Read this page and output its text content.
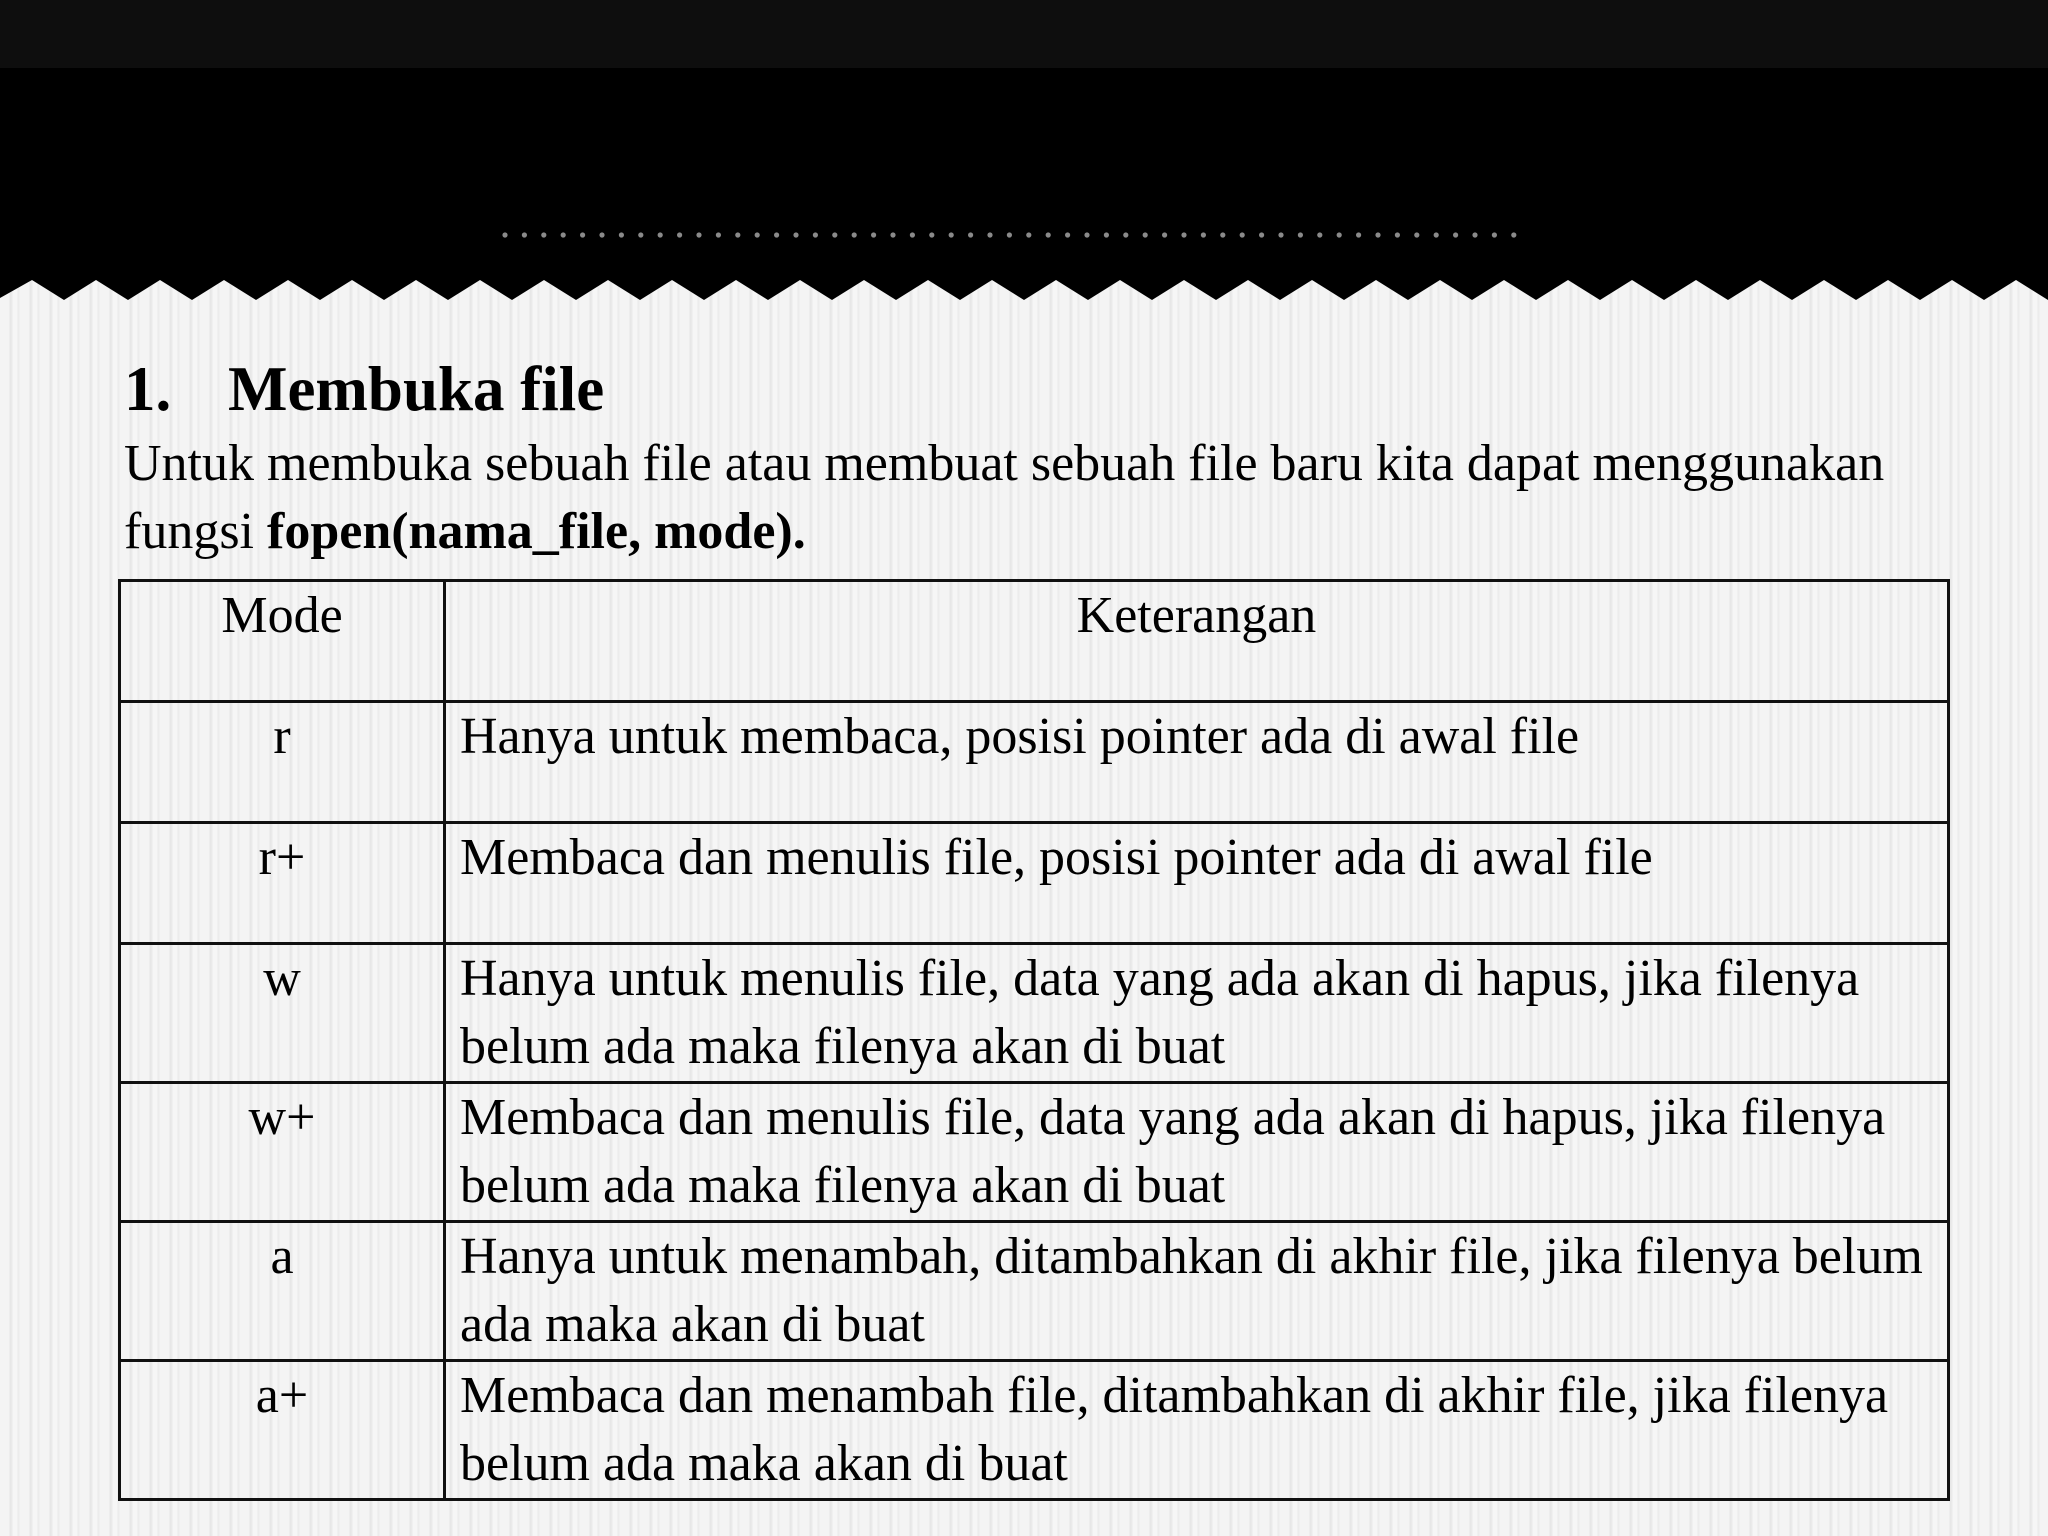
1. Membuka file

Untuk membuka sebuah file atau membuat sebuah file baru kita dapat menggunakan fungsi fopen(nama_file, mode).

Mode	Keterangan
r	Hanya untuk membaca, posisi pointer ada di awal file
r+	Membaca dan menulis file, posisi pointer ada di awal file
w	Hanya untuk menulis file, data yang ada akan di hapus, jika filenya belum ada maka filenya akan di buat
w+	Membaca dan menulis file, data yang ada akan di hapus, jika filenya belum ada maka filenya akan di buat
a	Hanya untuk menambah, ditambahkan di akhir file, jika filenya belum ada maka akan di buat
a+	Membaca dan menambah file, ditambahkan di akhir file, jika filenya belum ada maka akan di buat
